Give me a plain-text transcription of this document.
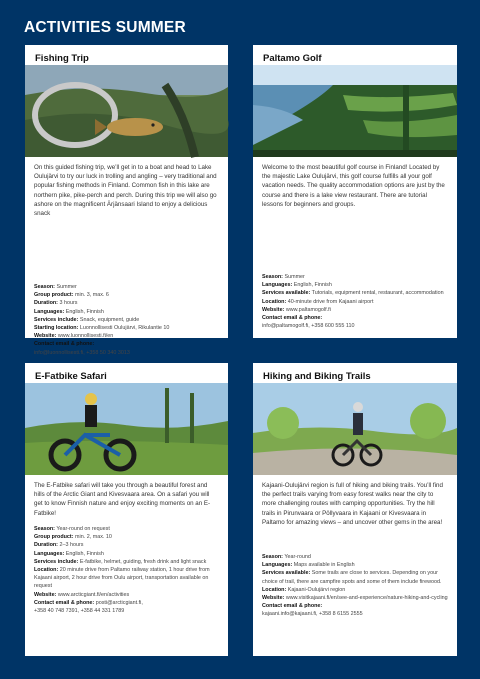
ACTIVITIES SUMMER
Fishing Trip
On this guided fishing trip, we’ll get in to a boat and head to Lake Oulujärvi to try our luck in trolling and angling – very traditional and popular fishing methods in Finland. Common fish in this lake are northern pike, pike-perch and perch. During this trip we will also go ashore on the magnificent Ärjänsaari Island to enjoy a delicious snack
Season: Summer
Group product: min. 3, max. 6
Duration: 3 hours
Languages: English, Finnish
Services include: Snack, equipment, guide
Starting location: Luonnollisesti Oulujärvi, Rikulantie 10
Website: www.luonnollisesti.fi/en
Contact email & phone:
info@luonnollisesti.fi, +358 50 340 3013
Paltamo Golf
Welcome to the most beautiful golf course in Finland! Located by the majestic Lake Oulujärvi, this golf course fulfills all your golf vacation needs. The quality accommodation options are just by the course and there is a lake view restaurant. There are tutorial lessons for beginners and groups.
Season: Summer
Languages: English, Finnish
Services available: Tutorials, equipment rental, restaurant, accommodation
Location: 40-minute drive from Kajaani airport
Website: www.paltamogolf.fi
Contact email & phone:
info@paltamogolf.fi, +358 600 555 110
E-Fatbike Safari
The E-Fatbike safari will take you through a beautiful forest and hills of the Arctic Giant and Kivesvaara area. On a safari you will get to know Finnish nature and enjoy exciting moments on an E-Fatbike!
Season: Year-round on request
Group product: min. 2, max. 10
Duration: 2–3 hours
Languages: English, Finnish
Services include: E-fatbike, helmet, guiding, fresh drink and light snack
Location: 20 minute drive from Paltamo railway station, 1 hour drive from Kajaani airport, 2 hour drive from Oulu airport, transportation available on request
Website: www.arcticgiant.fi/en/activities
Contact email & phone: posti@arcticgiant.fi,
+358 40 748 7391, +358 44 331 1789
Hiking and Biking Trails
Kajaani-Oulujärvi region is full of hiking and biking trails. You’ll find the perfect trails varying from easy forest walks near the city to more challenging routes with camping opportunities. Try the hill trails in Pirunvaara or Pöllyvaara in Kajaani or Kivesvaara in Paltamo for amazing views – and uncover other gems in the area!
Season: Year-round
Languages: Maps available in English
Services available: Some trails are close to services. Depending on your choice of trail, there are campfire spots and some of them include firewood.
Location: Kajaani-Oulujärvi region
Website: www.visitkajaani.fi/en/see-and-experience/nature-hiking-and-cycling
Contact email & phone:
kajaani.info@kajaani.fi, +358 8 6155 2555
